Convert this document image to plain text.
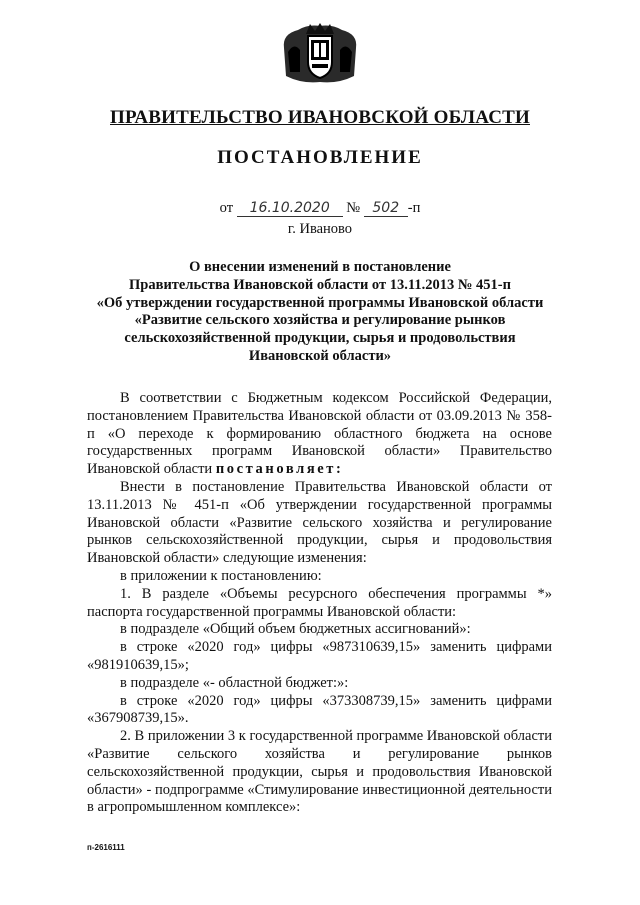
ПРАВИТЕЛЬСТВО ИВАНОВСКОЙ ОБЛАСТИ
ПОСТАНОВЛЕНИЕ
от 16.10.2020 № 502 -п
г. Иваново
О внесении изменений в постановление
Правительства Ивановской области от 13.11.2013 № 451-п
«Об утверждении государственной программы Ивановской области
«Развитие сельского хозяйства и регулирование рынков
сельскохозяйственной продукции, сырья и продовольствия
Ивановской области»

В соответствии с Бюджетным кодексом Российской Федерации, постановлением Правительства Ивановской области от 03.09.2013 № 358-п «О переходе к формированию областного бюджета на основе государственных программ Ивановской области» Правительство Ивановской области постановляет:

Внести в постановление Правительства Ивановской области от 13.11.2013 № 451-п «Об утверждении государственной программы Ивановской области «Развитие сельского хозяйства и регулирование рынков сельскохозяйственной продукции, сырья и продовольствия Ивановской области» следующие изменения:

в приложении к постановлению:

1. В разделе «Объемы ресурсного обеспечения программы *» паспорта государственной программы Ивановской области:

в подразделе «Общий объем бюджетных ассигнований»:

в строке «2020 год» цифры «987310639,15» заменить цифрами «981910639,15»;

в подразделе «- областной бюджет:»:

в строке «2020 год» цифры «373308739,15» заменить цифрами «367908739,15».

2. В приложении 3 к государственной программе Ивановской области «Развитие сельского хозяйства и регулирование рынков сельскохозяйственной продукции, сырья и продовольствия Ивановской области» - подпрограмме «Стимулирование инвестиционной деятельности в агропромышленном комплексе»:

п-2616111
